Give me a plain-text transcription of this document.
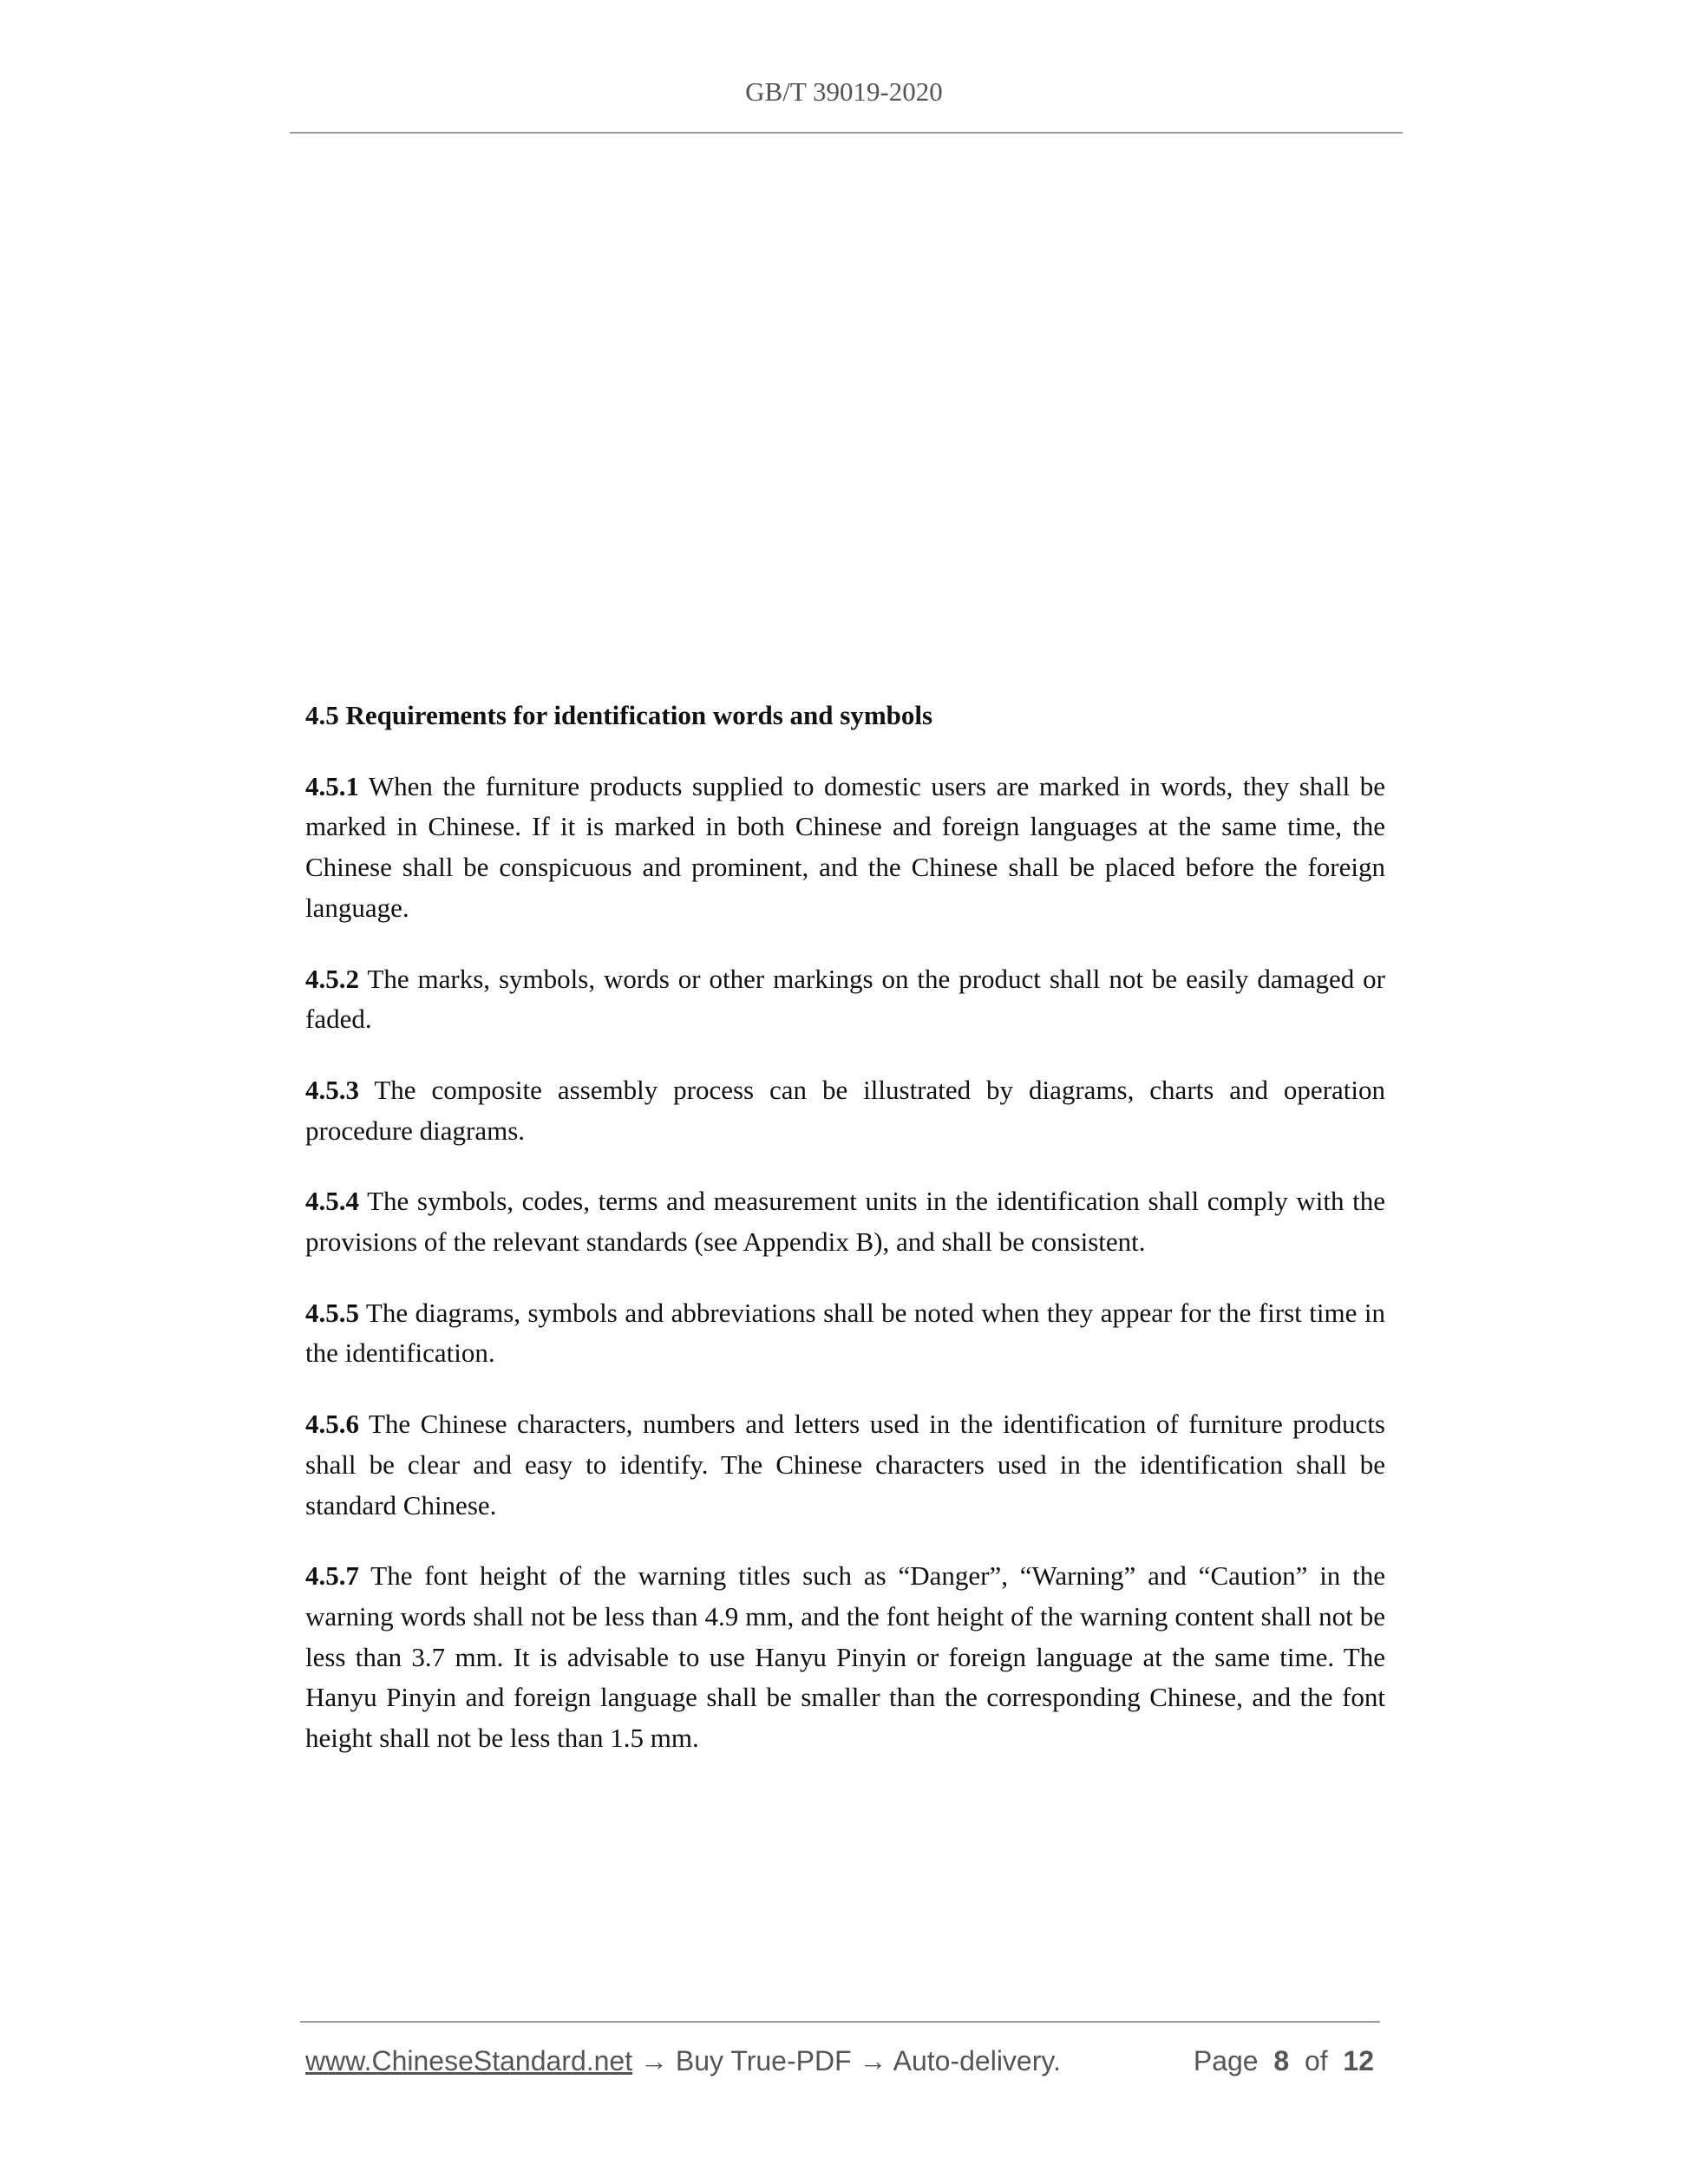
GB/T 39019-2020
4.5 Requirements for identification words and symbols

4.5.1 When the furniture products supplied to domestic users are marked in words, they shall be marked in Chinese. If it is marked in both Chinese and foreign languages at the same time, the Chinese shall be conspicuous and prominent, and the Chinese shall be placed before the foreign language.

4.5.2 The marks, symbols, words or other markings on the product shall not be easily damaged or faded.

4.5.3 The composite assembly process can be illustrated by diagrams, charts and operation procedure diagrams.

4.5.4 The symbols, codes, terms and measurement units in the identification shall comply with the provisions of the relevant standards (see Appendix B), and shall be consistent.

4.5.5 The diagrams, symbols and abbreviations shall be noted when they appear for the first time in the identification.

4.5.6 The Chinese characters, numbers and letters used in the identification of furniture products shall be clear and easy to identify. The Chinese characters used in the identification shall be standard Chinese.

4.5.7 The font height of the warning titles such as “Danger”, “Warning” and “Caution” in the warning words shall not be less than 4.9 mm, and the font height of the warning content shall not be less than 3.7 mm. It is advisable to use Hanyu Pinyin or foreign language at the same time. The Hanyu Pinyin and foreign language shall be smaller than the corresponding Chinese, and the font height shall not be less than 1.5 mm.

www.ChineseStandard.net → Buy True-PDF → Auto-delivery.	Page 8 of 12
